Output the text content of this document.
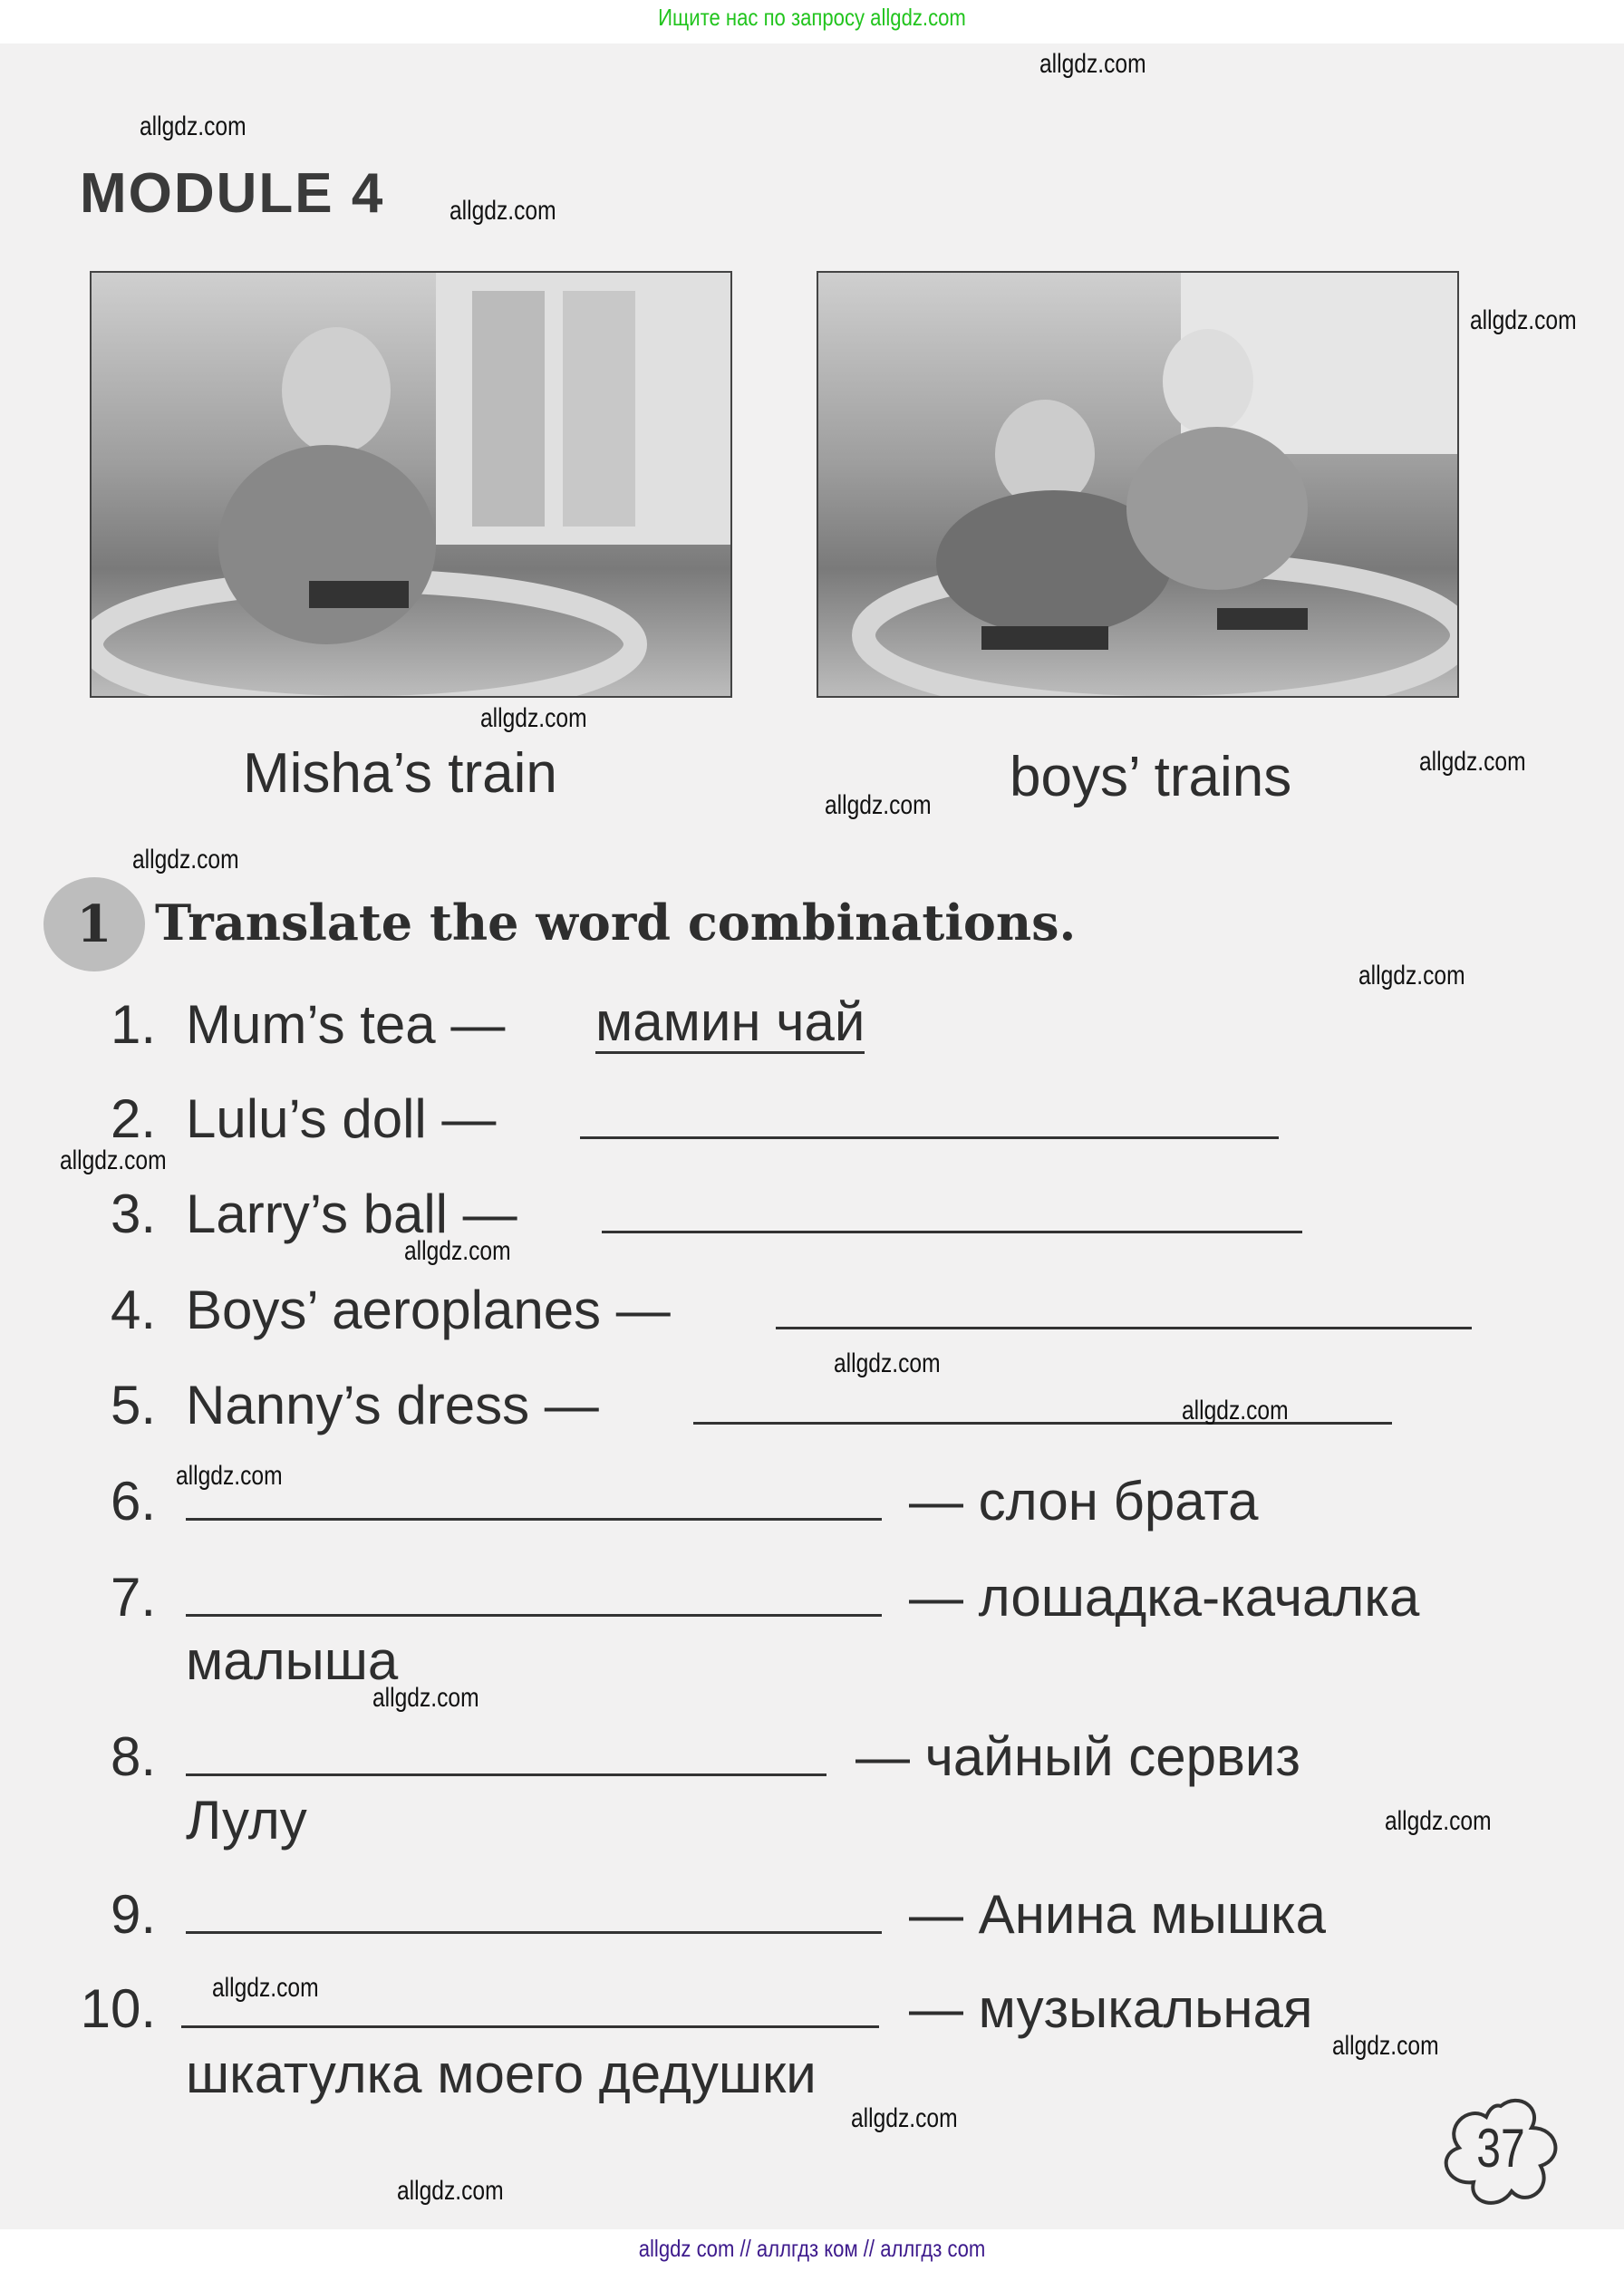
Ищите нас по запросу allgdz.com
MODULE 4
Misha’s train	boys’ trains
1 Translate the word combinations.
1. Mum’s tea — мамин чай
2. Lulu’s doll —
3. Larry’s ball —
4. Boys’ aeroplanes —
5. Nanny’s dress —
6.	— слон брата
7.	— лошадка-качалка
малыша
8.	— чайный сервиз
Лулу
9.	— Анина мышка
10.	— музыкальная
шкатулка моего дедушки
37
allgdz.com
allgdz.com
allgdz.com
allgdz.com
allgdz.com
allgdz.com
allgdz.com
allgdz.com
allgdz.com
allgdz.com
allgdz.com
allgdz.com
allgdz.com
allgdz.com
allgdz.com
allgdz.com
allgdz.com
allgdz.com
allgdz.com
allgdz.com
allgdz com // аллгдз ком // аллгдз com
